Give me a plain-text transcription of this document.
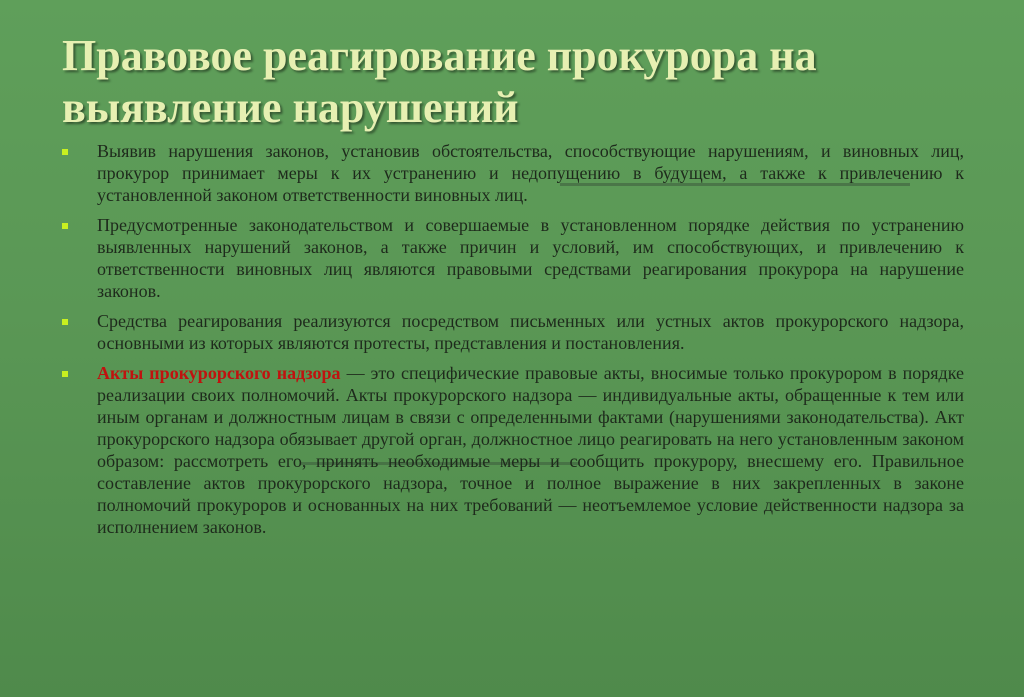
Правовое реагирование прокурора на выявление нарушений
Выявив нарушения законов, установив обстоятельства, способствующие нарушениям, и виновных лиц, прокурор принимает меры к их устранению и недопущению в будущем, а также к привлечению к установленной законом ответственности виновных лиц.
Предусмотренные законодательством и совершаемые в установленном порядке действия по устранению выявленных нарушений законов, а также причин и условий, им способствующих, и привлечению к ответственности виновных лиц являются правовыми средствами реагирования прокурора на нарушение законов.
Средства реагирования реализуются посредством письменных или устных актов прокурорского надзора, основными из которых являются протесты, представления и постановления.
Акты прокурорского надзора — это специфические правовые акты, вносимые только прокурором в порядке реализации своих полномочий. Акты прокурорского надзора — индивидуальные акты, обращенные к тем или иным органам и должностным лицам в связи с определенными фактами (нарушениями законодательства). Акт прокурорского надзора обязывает другой орган, должностное лицо реагировать на него установленным законом образом: рассмотреть его, принять необходимые меры и сообщить прокурору, внесшему его. Правильное составление актов прокурорского надзора, точное и полное выражение в них закрепленных в законе полномочий прокуроров и основанных на них требований — неотъемлемое условие действенности надзора за исполнением законов.
